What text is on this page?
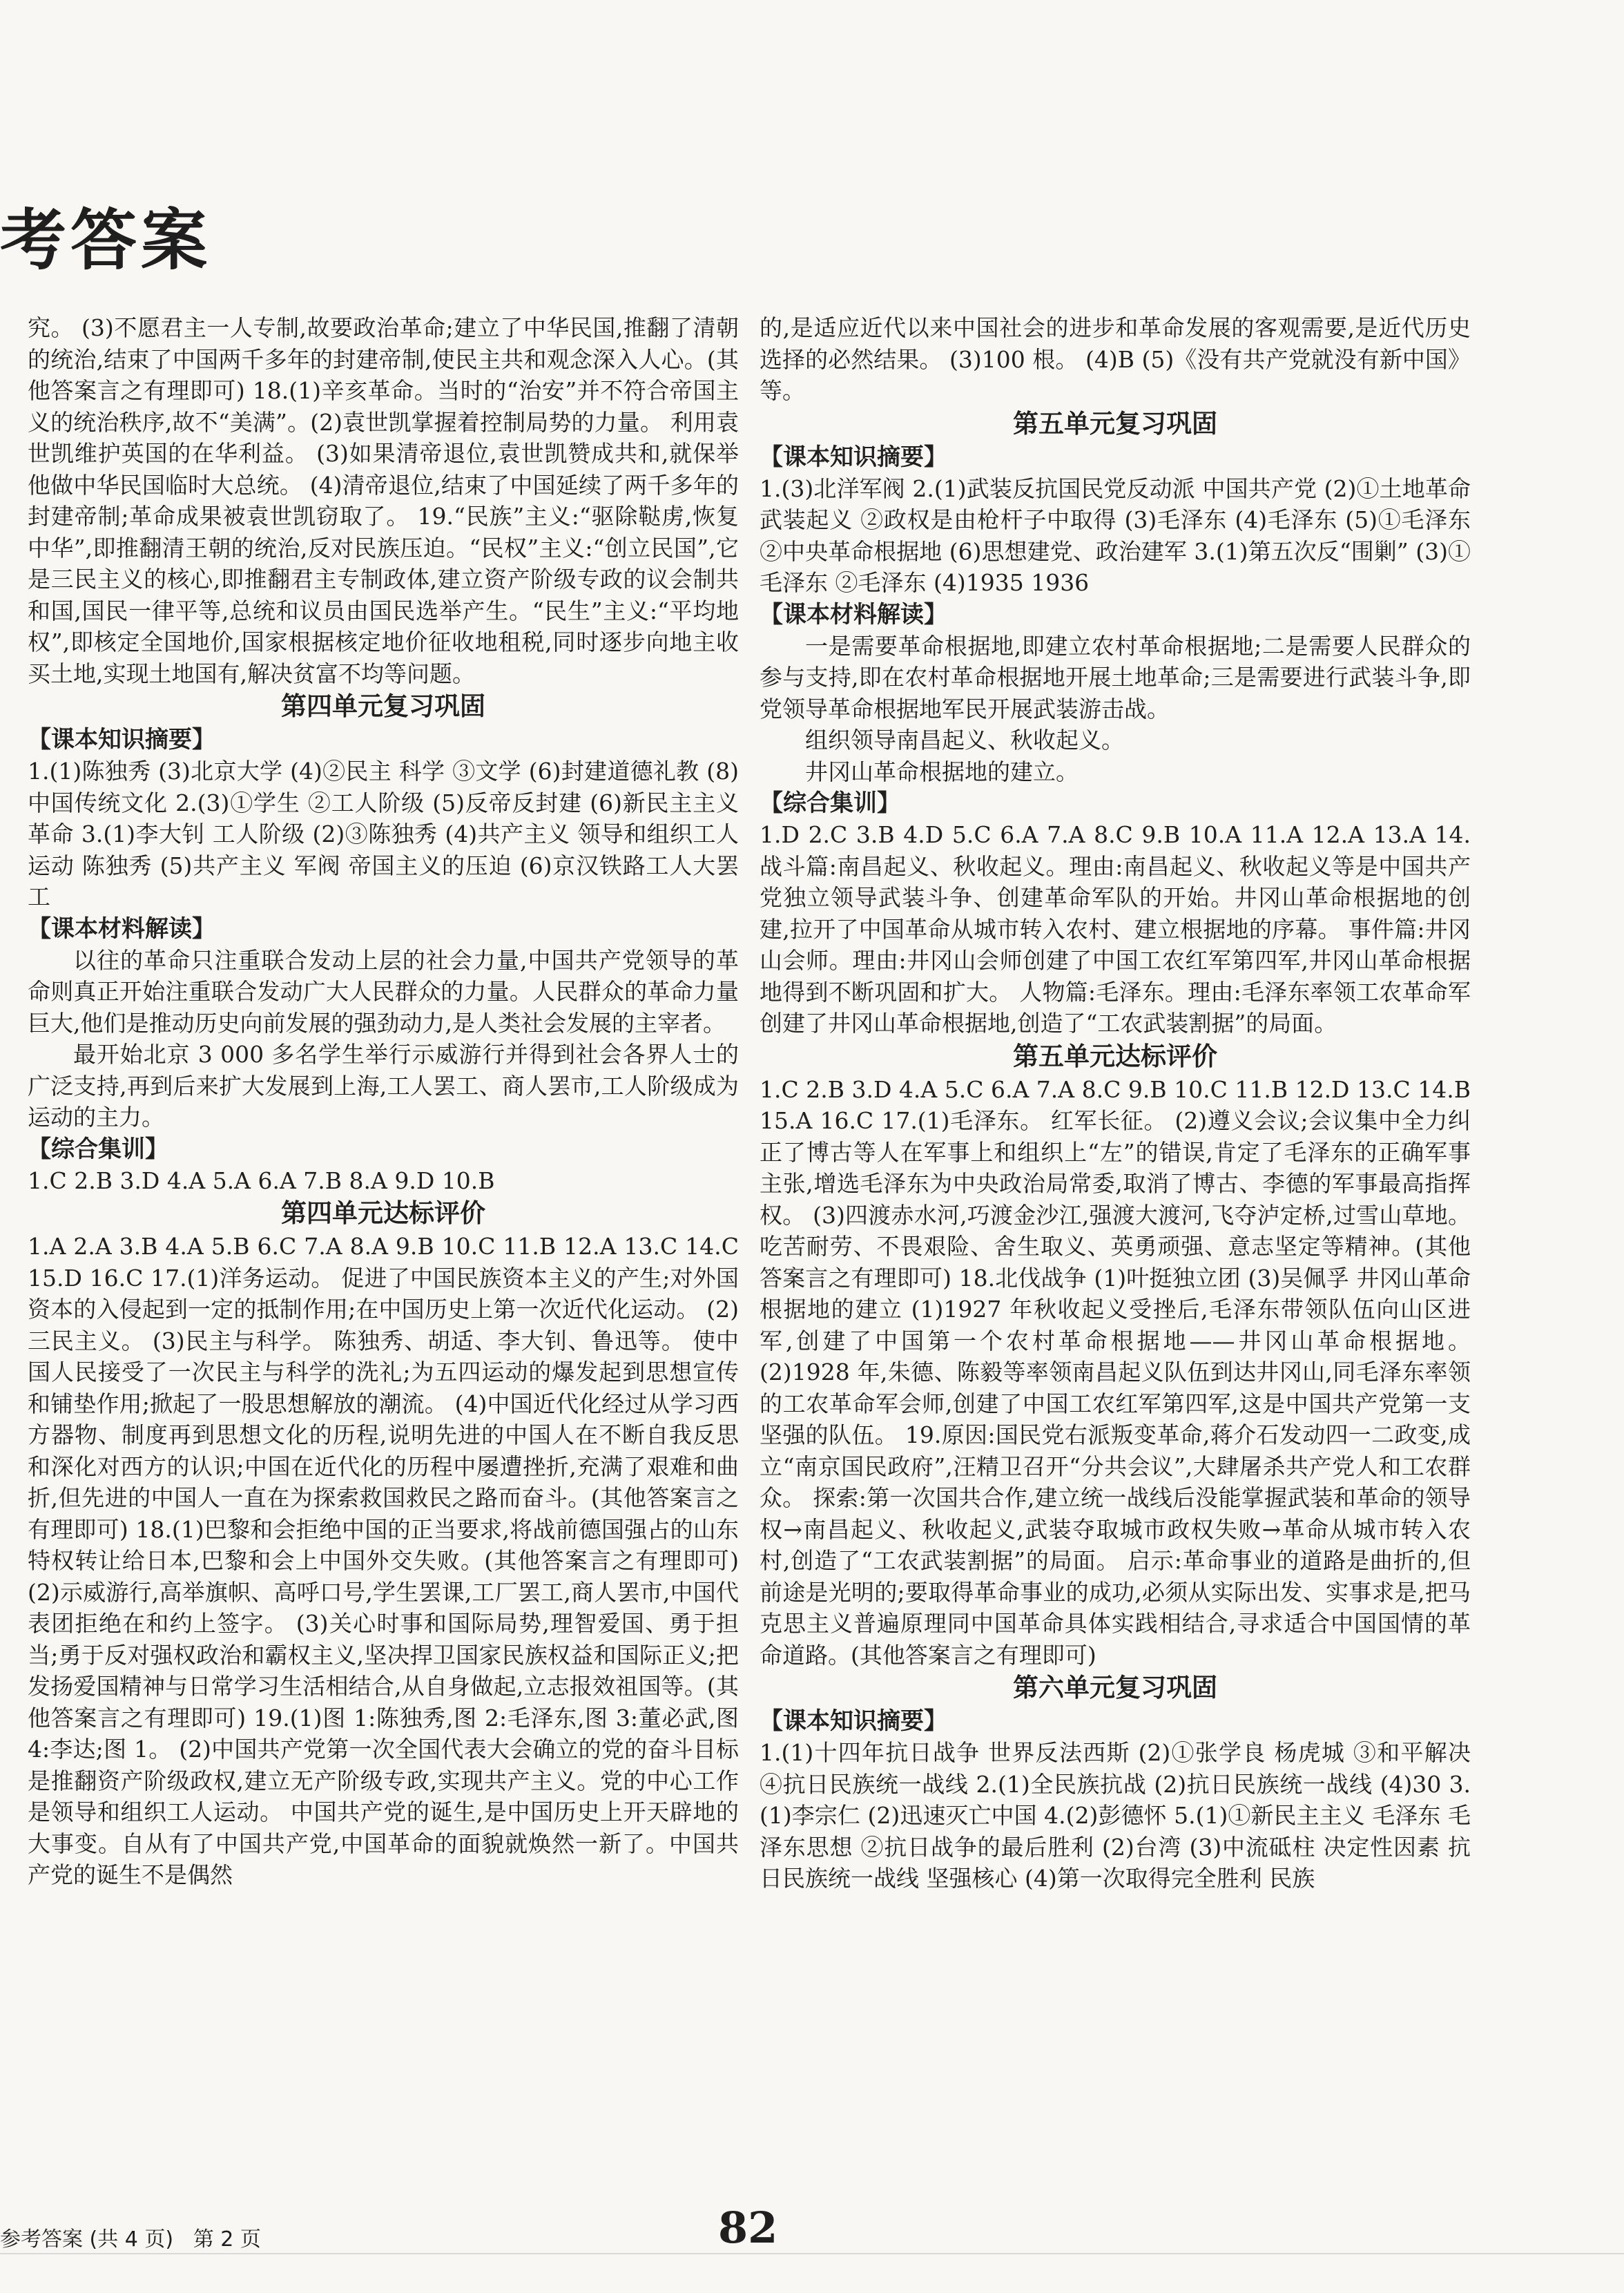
考答案

究。 (3)不愿君主一人专制,故要政治革命;建立了中华民国,推翻了清朝的统治,结束了中国两千多年的封建帝制,使民主共和观念深入人心。(其他答案言之有理即可) 18.(1)辛亥革命。当时的“治安”并不符合帝国主义的统治秩序,故不“美满”。(2)袁世凯掌握着控制局势的力量。 利用袁世凯维护英国的在华利益。 (3)如果清帝退位,袁世凯赞成共和,就保举他做中华民国临时大总统。 (4)清帝退位,结束了中国延续了两千多年的封建帝制;革命成果被袁世凯窃取了。 19.“民族”主义:“驱除鞑虏,恢复中华”,即推翻清王朝的统治,反对民族压迫。“民权”主义:“创立民国”,它是三民主义的核心,即推翻君主专制政体,建立资产阶级专政的议会制共和国,国民一律平等,总统和议员由国民选举产生。“民生”主义:“平均地权”,即核定全国地价,国家根据核定地价征收地租税,同时逐步向地主收买土地,实现土地国有,解决贫富不均等问题。

第四单元复习巩固
【课本知识摘要】

1.(1)陈独秀 (3)北京大学 (4)②民主 科学 ③文学 (6)封建道德礼教 (8)中国传统文化 2.(3)①学生 ②工人阶级 (5)反帝反封建 (6)新民主主义革命 3.(1)李大钊 工人阶级 (2)③陈独秀 (4)共产主义 领导和组织工人运动 陈独秀 (5)共产主义 军阀 帝国主义的压迫 (6)京汉铁路工人大罢工

【课本材料解读】

以往的革命只注重联合发动上层的社会力量,中国共产党领导的革命则真正开始注重联合发动广大人民群众的力量。人民群众的革命力量巨大,他们是推动历史向前发展的强劲动力,是人类社会发展的主宰者。

最开始北京 3 000 多名学生举行示威游行并得到社会各界人士的广泛支持,再到后来扩大发展到上海,工人罢工、商人罢市,工人阶级成为运动的主力。

【综合集训】

1.C 2.B 3.D 4.A 5.A 6.A 7.B 8.A 9.D 10.B

第四单元达标评价

1.A 2.A 3.B 4.A 5.B 6.C 7.A 8.A 9.B 10.C 11.B 12.A 13.C 14.C 15.D 16.C 17.(1)洋务运动。 促进了中国民族资本主义的产生;对外国资本的入侵起到一定的抵制作用;在中国历史上第一次近代化运动。 (2)三民主义。 (3)民主与科学。 陈独秀、胡适、李大钊、鲁迅等。 使中国人民接受了一次民主与科学的洗礼;为五四运动的爆发起到思想宣传和铺垫作用;掀起了一股思想解放的潮流。 (4)中国近代化经过从学习西方器物、制度再到思想文化的历程,说明先进的中国人在不断自我反思和深化对西方的认识;中国在近代化的历程中屡遭挫折,充满了艰难和曲折,但先进的中国人一直在为探索救国救民之路而奋斗。(其他答案言之有理即可) 18.(1)巴黎和会拒绝中国的正当要求,将战前德国强占的山东特权转让给日本,巴黎和会上中国外交失败。(其他答案言之有理即可) (2)示威游行,高举旗帜、高呼口号,学生罢课,工厂罢工,商人罢市,中国代表团拒绝在和约上签字。 (3)关心时事和国际局势,理智爱国、勇于担当;勇于反对强权政治和霸权主义,坚决捍卫国家民族权益和国际正义;把发扬爱国精神与日常学习生活相结合,从自身做起,立志报效祖国等。(其他答案言之有理即可) 19.(1)图 1:陈独秀,图 2:毛泽东,图 3:董必武,图 4:李达;图 1。 (2)中国共产党第一次全国代表大会确立的党的奋斗目标是推翻资产阶级政权,建立无产阶级专政,实现共产主义。党的中心工作是领导和组织工人运动。 中国共产党的诞生,是中国历史上开天辟地的大事变。自从有了中国共产党,中国革命的面貌就焕然一新了。中国共产党的诞生不是偶然

的,是适应近代以来中国社会的进步和革命发展的客观需要,是近代历史选择的必然结果。 (3)100 根。 (4)B (5)《没有共产党就没有新中国》等。

第五单元复习巩固
【课本知识摘要】

1.(3)北洋军阀 2.(1)武装反抗国民党反动派 中国共产党 (2)①土地革命 武装起义 ②政权是由枪杆子中取得 (3)毛泽东 (4)毛泽东 (5)①毛泽东 ②中央革命根据地 (6)思想建党、政治建军 3.(1)第五次反“围剿” (3)①毛泽东 ②毛泽东 (4)1935 1936

【课本材料解读】

一是需要革命根据地,即建立农村革命根据地;二是需要人民群众的参与支持,即在农村革命根据地开展土地革命;三是需要进行武装斗争,即党领导革命根据地军民开展武装游击战。

组织领导南昌起义、秋收起义。

井冈山革命根据地的建立。

【综合集训】

1.D 2.C 3.B 4.D 5.C 6.A 7.A 8.C 9.B 10.A 11.A 12.A 13.A 14.战斗篇:南昌起义、秋收起义。理由:南昌起义、秋收起义等是中国共产党独立领导武装斗争、创建革命军队的开始。井冈山革命根据地的创建,拉开了中国革命从城市转入农村、建立根据地的序幕。 事件篇:井冈山会师。理由:井冈山会师创建了中国工农红军第四军,井冈山革命根据地得到不断巩固和扩大。 人物篇:毛泽东。理由:毛泽东率领工农革命军创建了井冈山革命根据地,创造了“工农武装割据”的局面。

第五单元达标评价

1.C 2.B 3.D 4.A 5.C 6.A 7.A 8.C 9.B 10.C 11.B 12.D 13.C 14.B 15.A 16.C 17.(1)毛泽东。 红军长征。 (2)遵义会议;会议集中全力纠正了博古等人在军事上和组织上“左”的错误,肯定了毛泽东的正确军事主张,增选毛泽东为中央政治局常委,取消了博古、李德的军事最高指挥权。 (3)四渡赤水河,巧渡金沙江,强渡大渡河,飞夺泸定桥,过雪山草地。 吃苦耐劳、不畏艰险、舍生取义、英勇顽强、意志坚定等精神。(其他答案言之有理即可) 18.北伐战争 (1)叶挺独立团 (3)吴佩孚 井冈山革命根据地的建立 (1)1927 年秋收起义受挫后,毛泽东带领队伍向山区进军,创建了中国第一个农村革命根据地——井冈山革命根据地。 (2)1928 年,朱德、陈毅等率领南昌起义队伍到达井冈山,同毛泽东率领的工农革命军会师,创建了中国工农红军第四军,这是中国共产党第一支坚强的队伍。 19.原因:国民党右派叛变革命,蒋介石发动四一二政变,成立“南京国民政府”,汪精卫召开“分共会议”,大肆屠杀共产党人和工农群众。 探索:第一次国共合作,建立统一战线后没能掌握武装和革命的领导权→南昌起义、秋收起义,武装夺取城市政权失败→革命从城市转入农村,创造了“工农武装割据”的局面。 启示:革命事业的道路是曲折的,但前途是光明的;要取得革命事业的成功,必须从实际出发、实事求是,把马克思主义普遍原理同中国革命具体实践相结合,寻求适合中国国情的革命道路。(其他答案言之有理即可)

第六单元复习巩固
【课本知识摘要】

1.(1)十四年抗日战争 世界反法西斯 (2)①张学良 杨虎城 ③和平解决 ④抗日民族统一战线 2.(1)全民族抗战 (2)抗日民族统一战线 (4)30 3.(1)李宗仁 (2)迅速灭亡中国 4.(2)彭德怀 5.(1)①新民主主义 毛泽东 毛泽东思想 ②抗日战争的最后胜利 (2)台湾 (3)中流砥柱 决定性因素 抗日民族统一战线 坚强核心 (4)第一次取得完全胜利 民族

参考答案 (共 4 页)   第 2 页	82
